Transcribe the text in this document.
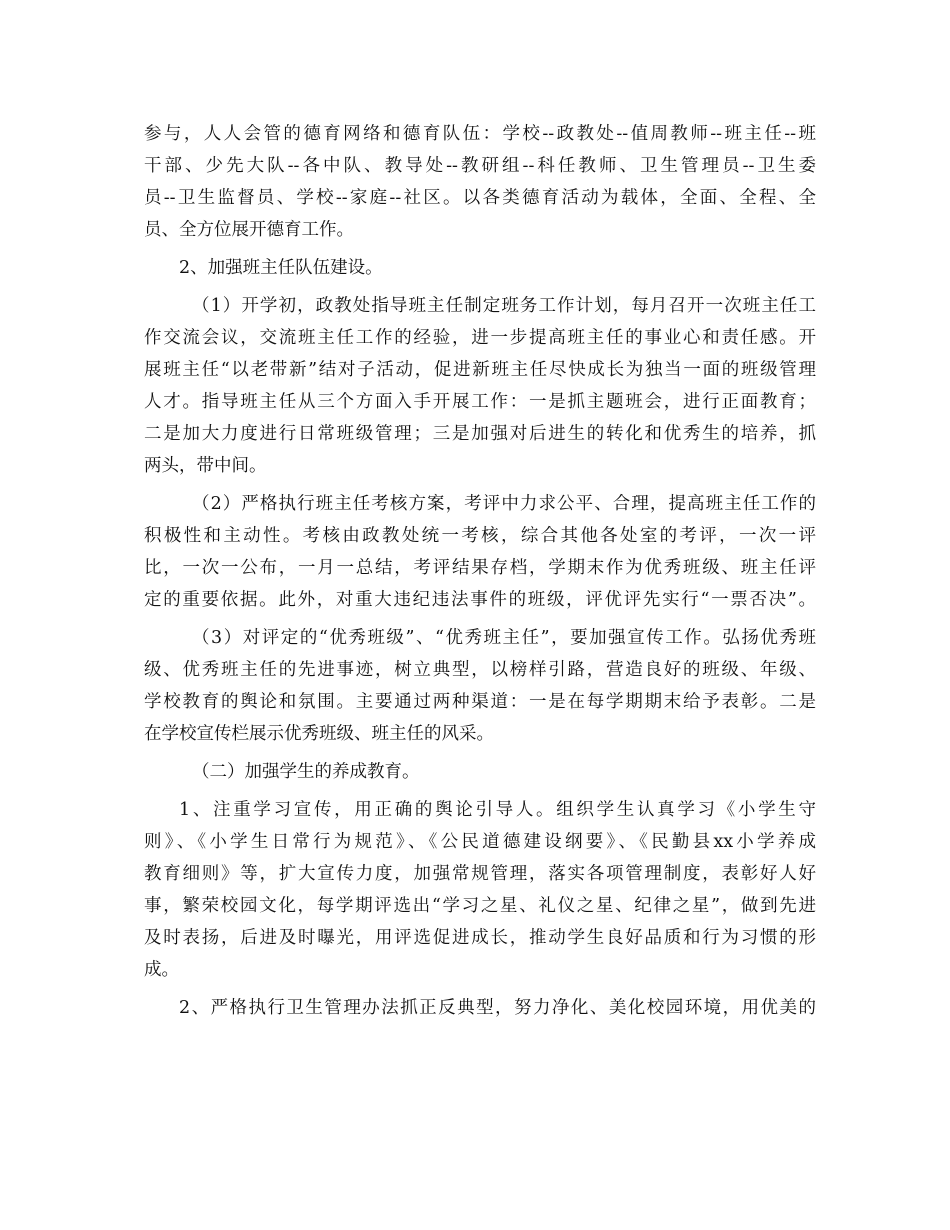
参与，人人会管的德育网络和德育队伍：学校--政教处--值周教师--班主任--班
干部、少先大队--各中队、教导处--教研组--科任教师、卫生管理员--卫生委
员--卫生监督员、学校--家庭--社区。以各类德育活动为载体，全面、全程、全
员、全方位展开德育工作。
2、加强班主任队伍建设。
（1）开学初，政教处指导班主任制定班务工作计划，每月召开一次班主任工
作交流会议，交流班主任工作的经验，进一步提高班主任的事业心和责任感。开
展班主任“以老带新”结对子活动，促进新班主任尽快成长为独当一面的班级管理
人才。指导班主任从三个方面入手开展工作：一是抓主题班会，进行正面教育；
二是加大力度进行日常班级管理；三是加强对后进生的转化和优秀生的培养，抓
两头，带中间。
（2）严格执行班主任考核方案，考评中力求公平、合理，提高班主任工作的
积极性和主动性。考核由政教处统一考核，综合其他各处室的考评，一次一评
比，一次一公布，一月一总结，考评结果存档，学期末作为优秀班级、班主任评
定的重要依据。此外，对重大违纪违法事件的班级，评优评先实行“一票否决”。
（3）对评定的“优秀班级”、“优秀班主任”，要加强宣传工作。弘扬优秀班
级、优秀班主任的先进事迹，树立典型，以榜样引路，营造良好的班级、年级、
学校教育的舆论和氛围。主要通过两种渠道：一是在每学期期末给予表彰。二是
在学校宣传栏展示优秀班级、班主任的风采。
（二）加强学生的养成教育。
1、注重学习宣传，用正确的舆论引导人。组织学生认真学习《小学生守
则》、《小学生日常行为规范》、《公民道德建设纲要》、《民勤县xx小学养成
教育细则》等，扩大宣传力度，加强常规管理，落实各项管理制度，表彰好人好
事，繁荣校园文化，每学期评选出“学习之星、礼仪之星、纪律之星”，做到先进
及时表扬，后进及时曝光，用评选促进成长，推动学生良好品质和行为习惯的形
成。
2、严格执行卫生管理办法抓正反典型，努力净化、美化校园环境，用优美的
